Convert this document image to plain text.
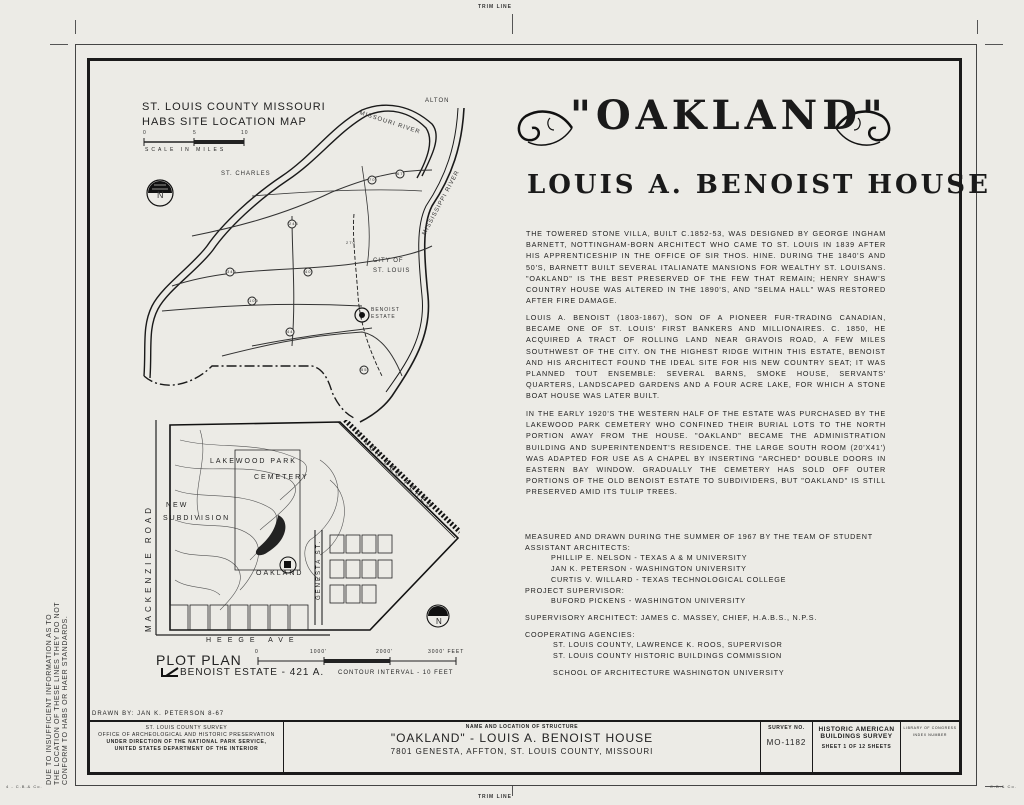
TRIM LINE
TRIM LINE
ST. LOUIS COUNTY MISSOURI
HABS SITE LOCATION MAP
SCALE IN MILES
0	5	10
N
ALTON
MISSOURI RIVER
ST. CHARLES	MISSISSIPPI RIVER
CITY OF
ST. LOUIS
BENOIST
ESTATE
70
67
244
340	40
100
44
55
270
MACKENZIE ROAD
LAKEWOOD PARK
CEMETERY
NEW
SUBDIVISION
OAKLAND GENESTA ST.
RIVER DES PERES
HEEGE AVE
N
PLOT PLAN	0	1000'	2000'	3000' FEET
BENOIST ESTATE - 421 A. CONTOUR INTERVAL - 10 FEET
"OAKLAND"
LOUIS A. BENOIST HOUSE
THE TOWERED STONE VILLA, BUILT C.1852-53, WAS DESIGNED BY GEORGE INGHAM BARNETT, NOTTINGHAM-BORN ARCHITECT WHO CAME TO ST. LOUIS IN 1839 AFTER HIS APPRENTICESHIP IN THE OFFICE OF SIR THOS. HINE. DURING THE 1840'S AND 50'S, BARNETT BUILT SEVERAL ITALIANATE MANSIONS FOR WEALTHY ST. LOUISANS. "OAKLAND" IS THE BEST PRESERVED OF THE FEW THAT REMAIN; HENRY SHAW'S COUNTRY HOUSE WAS ALTERED IN THE 1890'S, AND "SELMA HALL" WAS RESTORED AFTER FIRE DAMAGE.
LOUIS A. BENOIST (1803-1867), SON OF A PIONEER FUR-TRADING CANADIAN, BECAME ONE OF ST. LOUIS' FIRST BANKERS AND MILLIONAIRES. C. 1850, HE ACQUIRED A TRACT OF ROLLING LAND NEAR GRAVOIS ROAD, A FEW MILES SOUTHWEST OF THE CITY. ON THE HIGHEST RIDGE WITHIN THIS ESTATE, BENOIST AND HIS ARCHITECT FOUND THE IDEAL SITE FOR HIS NEW COUNTRY SEAT; IT WAS PLANNED TOUT ENSEMBLE: SEVERAL BARNS, SMOKE HOUSE, SERVANTS' QUARTERS, LANDSCAPED GARDENS AND A FOUR ACRE LAKE, FOR WHICH A STONE BOAT HOUSE WAS LATER BUILT.
IN THE EARLY 1920'S THE WESTERN HALF OF THE ESTATE WAS PURCHASED BY THE LAKEWOOD PARK CEMETERY WHO CONFINED THEIR BURIAL LOTS TO THE NORTH PORTION AWAY FROM THE HOUSE. "OAKLAND" BECAME THE ADMINISTRATION BUILDING AND SUPERINTENDENT'S RESIDENCE. THE LARGE SOUTH ROOM (20'X41') WAS ADAPTED FOR USE AS A CHAPEL BY INSERTING "ARCHED" DOUBLE DOORS IN EASTERN BAY WINDOW. GRADUALLY THE CEMETERY HAS SOLD OFF OUTER PORTIONS OF THE OLD BENOIST ESTATE TO SUBDIVIDERS, BUT "OAKLAND" IS STILL PRESERVED AMID ITS TULIP TREES.
MEASURED AND DRAWN DURING THE SUMMER OF 1967 BY THE TEAM OF STUDENT ASSISTANT ARCHITECTS:
PHILLIP E. NELSON - TEXAS A & M UNIVERSITY
JAN K. PETERSON - WASHINGTON UNIVERSITY
CURTIS V. WILLARD - TEXAS TECHNOLOGICAL COLLEGE
PROJECT SUPERVISOR:
BUFORD PICKENS - WASHINGTON UNIVERSITY
SUPERVISORY ARCHITECT: JAMES C. MASSEY, CHIEF, H.A.B.S., N.P.S.
COOPERATING AGENCIES:
ST. LOUIS COUNTY, LAWRENCE K. ROOS, SUPERVISOR
ST. LOUIS COUNTY HISTORIC BUILDINGS COMMISSION
SCHOOL OF ARCHITECTURE WASHINGTON UNIVERSITY
DRAWN BY: JAN K. PETERSON 8-67
ST. LOUIS COUNTY SURVEY
OFFICE OF ARCHEOLOGICAL AND HISTORIC PRESERVATION
UNDER DIRECTION OF THE NATIONAL PARK SERVICE,
UNITED STATES DEPARTMENT OF THE INTERIOR
NAME AND LOCATION OF STRUCTURE
"OAKLAND" - LOUIS A. BENOIST HOUSE
7801 GENESTA, AFFTON, ST. LOUIS COUNTY, MISSOURI
SURVEY NO.
MO-1182
HISTORIC AMERICAN
BUILDINGS SURVEY
SHEET 1 OF 12 SHEETS
LIBRARY OF CONGRESS
INDEX NUMBER
DUE TO INSUFFICIENT INFORMATION AS TO THE LOCATION OF THESE LINES THEY DO NOT CONFORM TO HABS OR HAER STANDARDS.
4 - C.B.& Co.	C.B.& Co.
